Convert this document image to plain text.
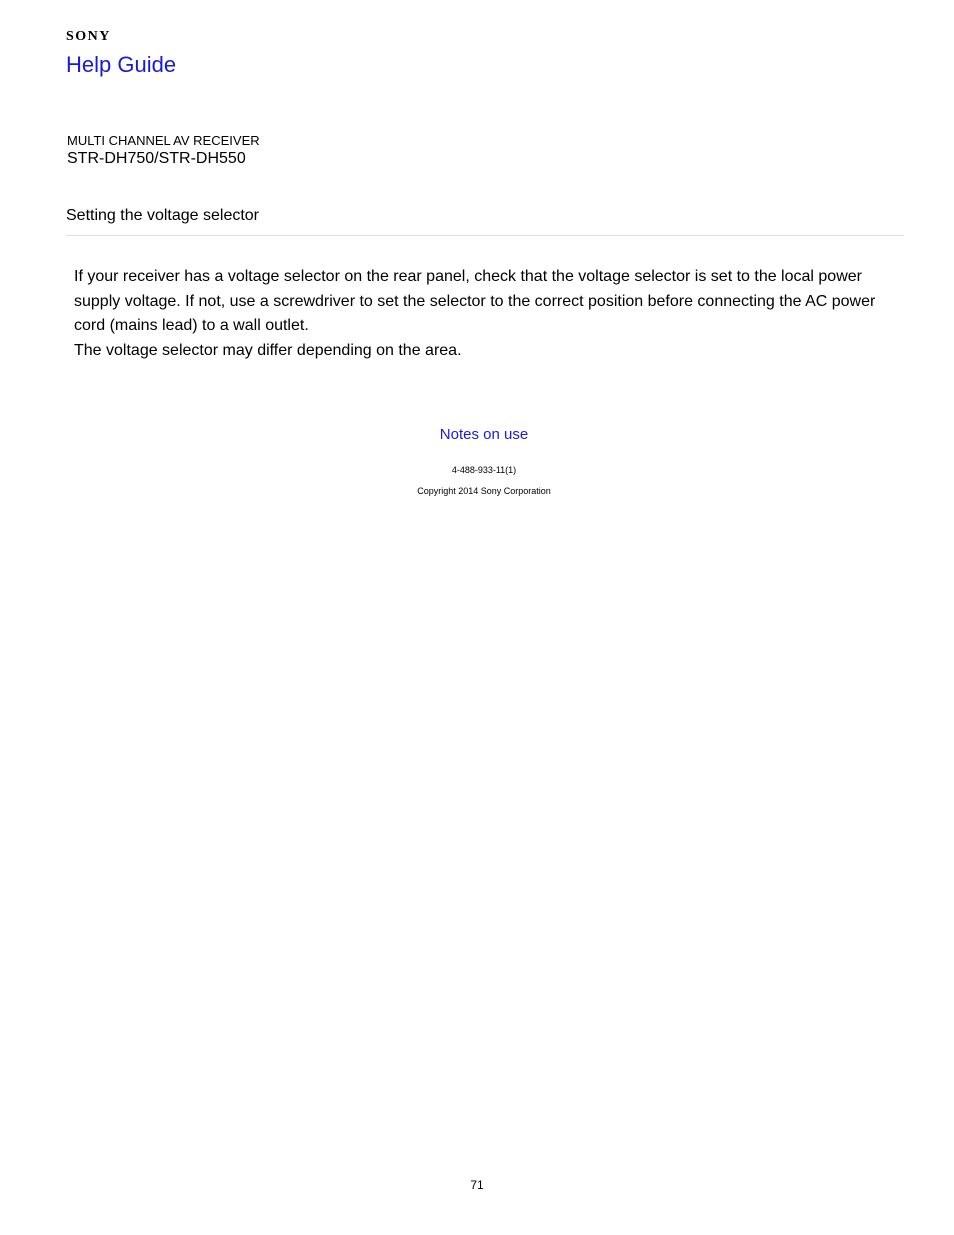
SONY
Help Guide
MULTI CHANNEL AV RECEIVER
STR-DH750/STR-DH550
Setting the voltage selector

If your receiver has a voltage selector on the rear panel, check that the voltage selector is set to the local power supply voltage. If not, use a screwdriver to set the selector to the correct position before connecting the AC power cord (mains lead) to a wall outlet.

The voltage selector may differ depending on the area.

Notes on use
4-488-933-11(1)
Copyright 2014 Sony Corporation
71
